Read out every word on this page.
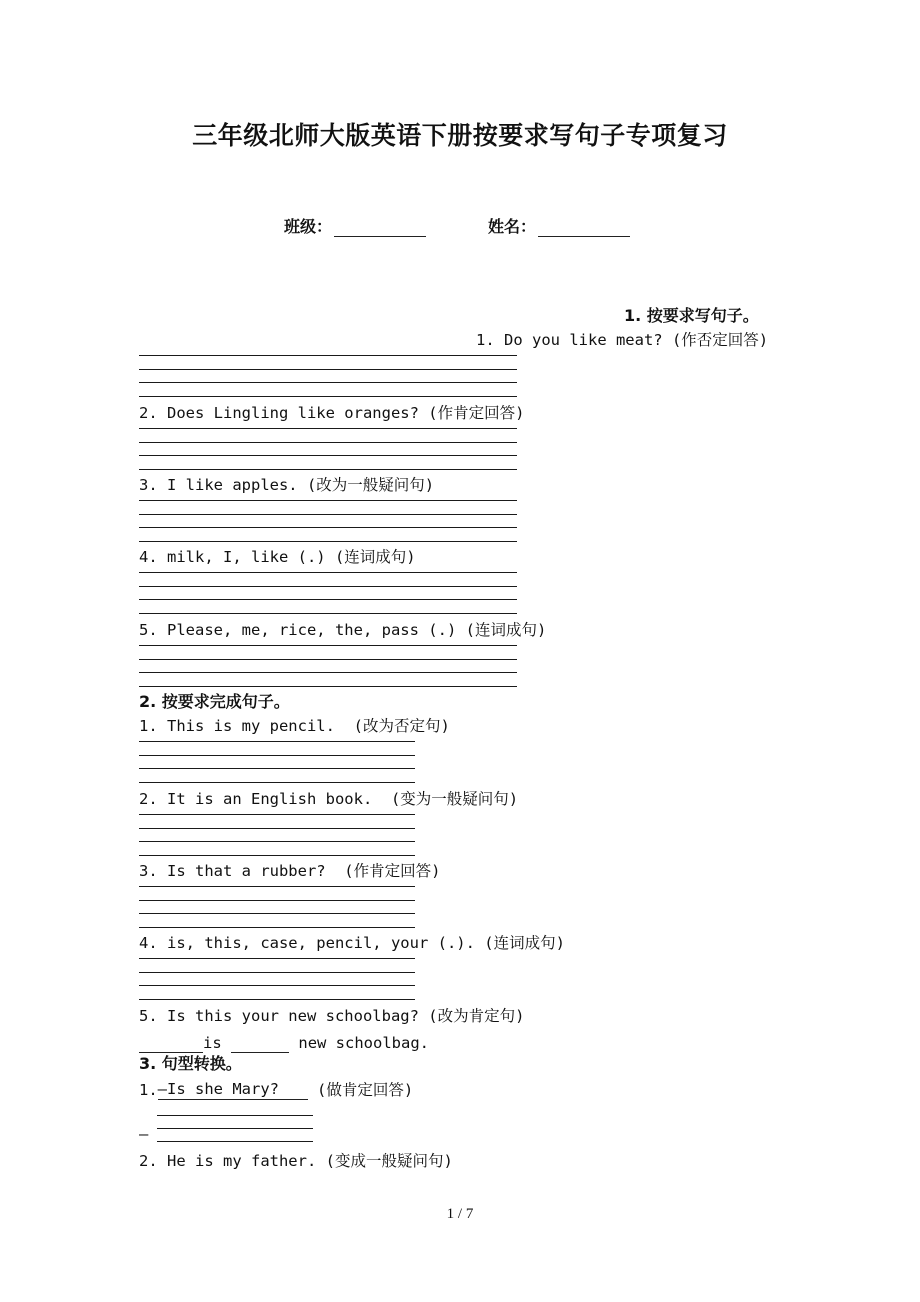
三年级北师大版英语下册按要求写句子专项复习
班级：	姓名：
1. 按要求写句子。
1. Do you like meat? (作否定回答)
2. Does Lingling like oranges? (作肯定回答)
3. I like apples. (改为一般疑问句)
4. milk, I, like (.) (连词成句)
5. Please, me, rice, the, pass (.) (连词成句)
2. 按要求完成句子。
1. This is my pencil.  (改为否定句)
2. It is an English book.  (变为一般疑问句)
3. Is that a rubber?  (作肯定回答)
4. is, this, case, pencil, your (.). (连词成句)
5. Is this your new schoolbag? (改为肯定句)
is	new schoolbag.
3. 句型转换。
1.—Is she Mary? (做肯定回答)
—
2. He is my father. (变成一般疑问句)
1 / 7
